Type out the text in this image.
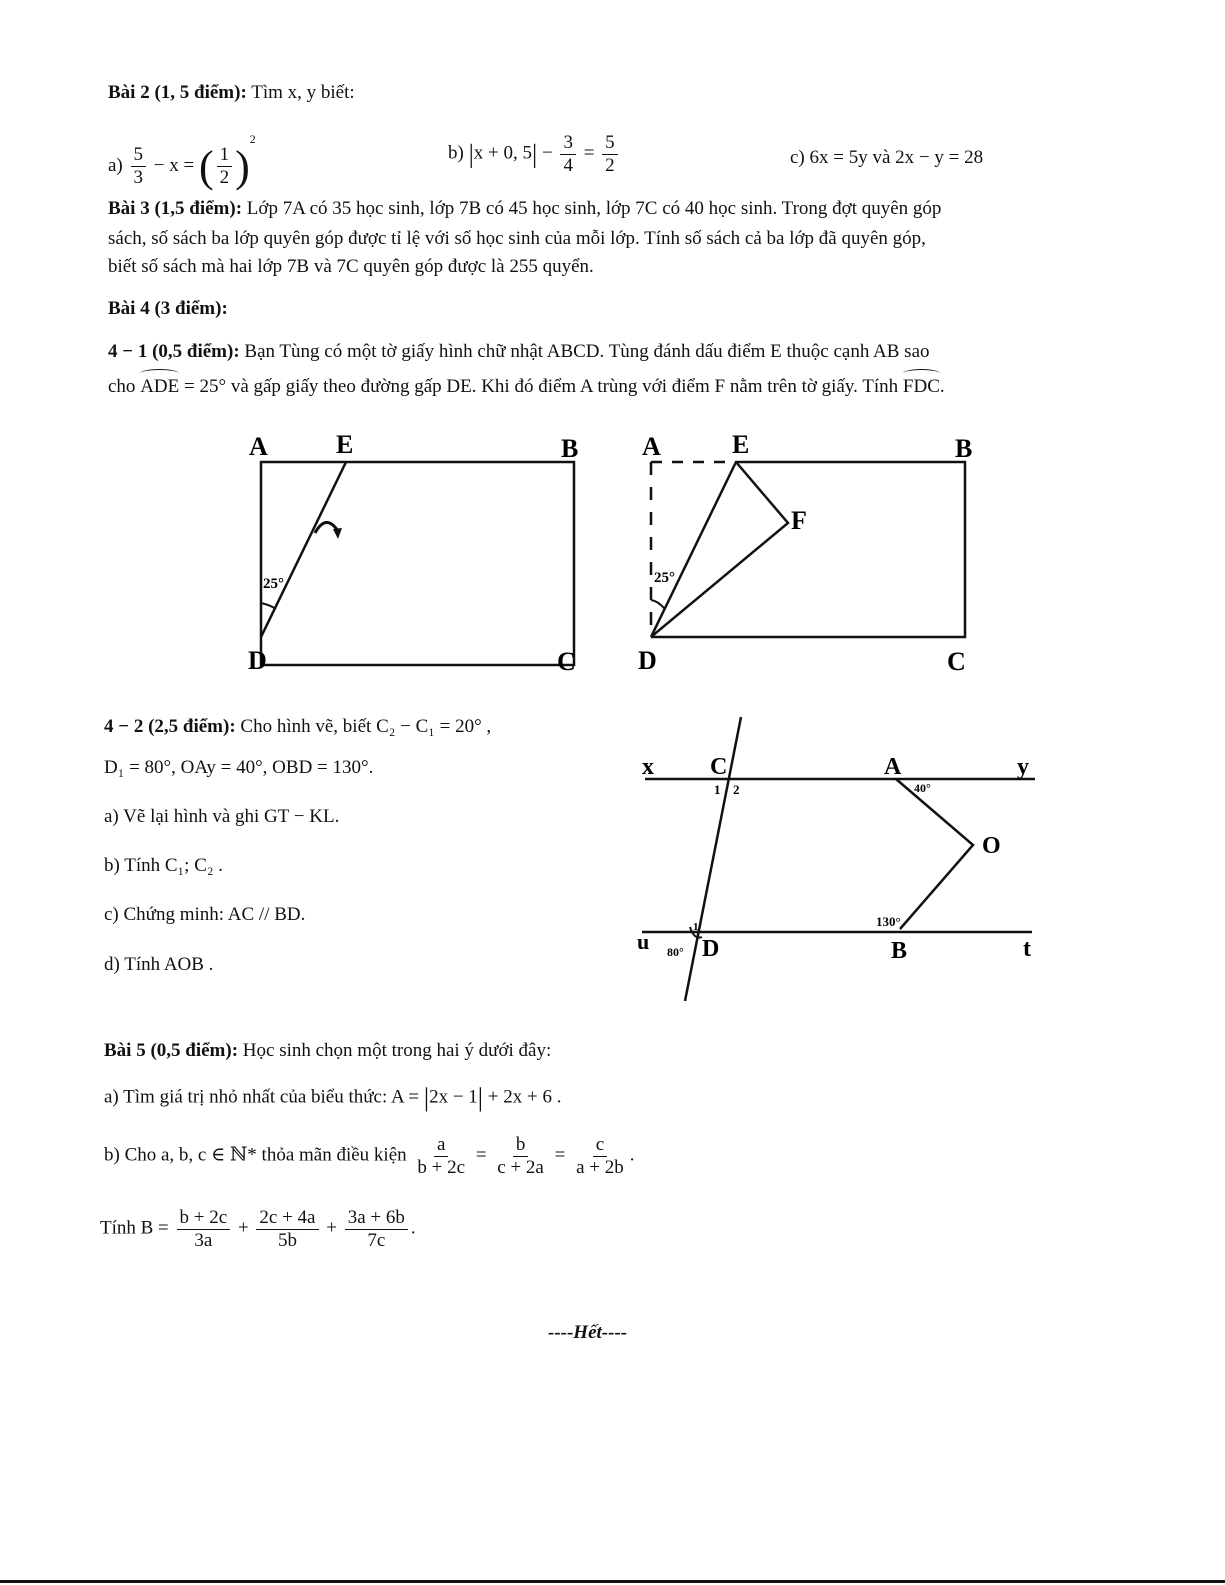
Bài 2 (1, 5 điểm): Tìm x, y biết:
$a) \frac{5}{3} - x$ = ( $\frac{1}{2} )^2$
b) |x + 0, $5| - \frac{3}{4} = \frac{5}{2}$	c) 6x = 5y và 2x − y = 28
Bài 3 (1,5 điểm): Lớp 7A có 35 học sinh, lớp 7B có 45 học sinh, lớp 7C có 40 học sinh. Trong đợt quyên góp
sách, số sách ba lớp quyên góp được tỉ lệ với số học sinh của mỗi lớp. Tính số sách cả ba lớp đã quyên góp,
biết số sách mà hai lớp 7B và 7C quyên góp được là 255 quyển.
Bài 4 (3 điểm):
4 − 1 (0,5 điểm): Bạn Tùng có một tờ giấy hình chữ nhật ABCD. Tùng đánh dấu điểm E thuộc cạnh AB sao
cho ADE = 25° và gấp giấy theo đường gấp DE. Khi đó điểm A trùng với điểm F nằm trên tờ giấy. Tính FDC.
25°
A	E	B
D	C
25°
A	E	B
F
D	C
4 − 2 (2,5 điểm): Cho hình vẽ, biết C₂ − C₁ = 20° ,
D₁ = 80°, OAy = 40°, OBD = 130°.
a) Vẽ lại hình và ghi GT − KL.
b) Tính C₁; C₂ .
c) Chứng minh: AC // BD.
d) Tính AOB .
x C	A	y
1 2	40°
O
130°
u 80°
1
D	B	t
Bài 5 (0,5 điểm): Học sinh chọn một trong hai ý dưới đây:
a) Tìm giá trị nhỏ nhất của biểu thức: A = |2x − 1| + 2x + 6 .
b) Cho a, b, c ∈ ℕ* thỏa mãn điều kiện $\frac{a}{b + 2c} = \frac{b}{c + 2a} = \frac{c}{a + 2b}$ .
Tính $B = \frac{b + 2c}{3a} + \frac{2c + 4a}{5b} + \frac{3a + 6b}{7c}$ .
----Hết----
